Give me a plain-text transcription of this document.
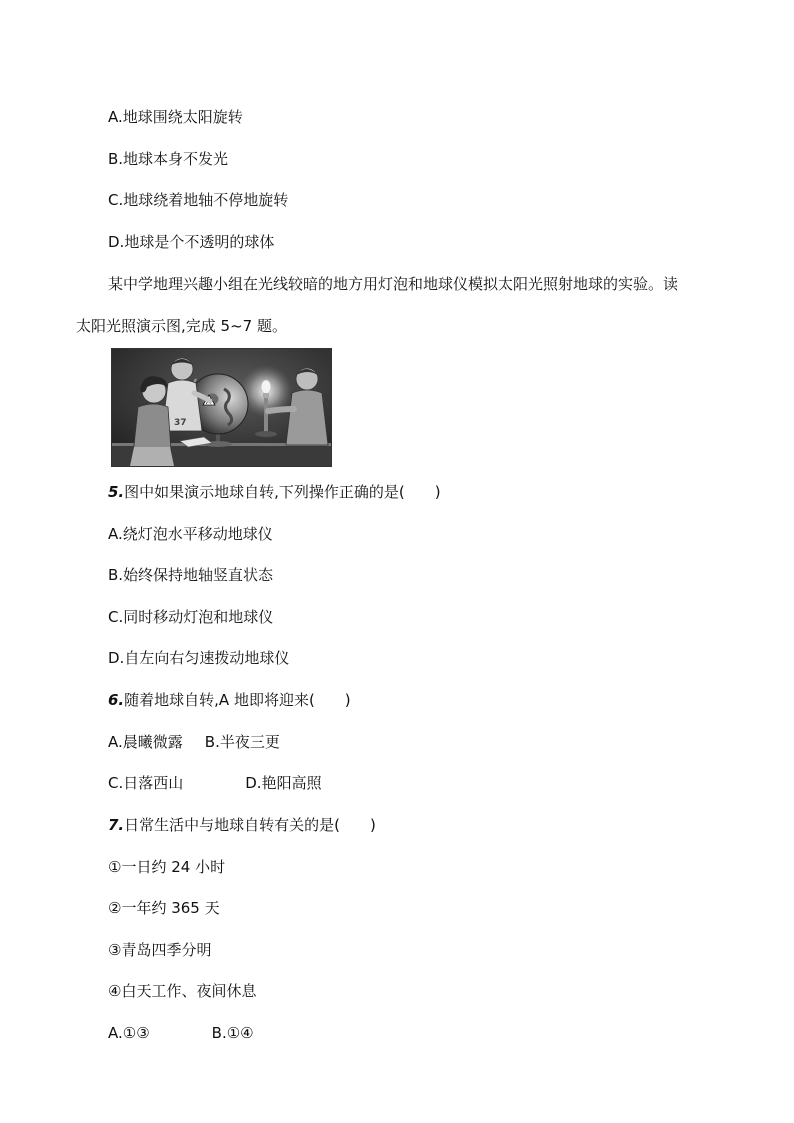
A.地球围绕太阳旋转

B.地球本身不发光

C.地球绕着地轴不停地旋转

D.地球是个不透明的球体

某中学地理兴趣小组在光线较暗的地方用灯泡和地球仪模拟太阳光照射地球的实验。读

太阳光照演示图,完成 5~7 题。

A
37

5.图中如果演示地球自转,下列操作正确的是( )

A.绕灯泡水平移动地球仪

B.始终保持地轴竖直状态

C.同时移动灯泡和地球仪

D.自左向右匀速拨动地球仪

6.随着地球自转,A 地即将迎来( )

A.晨曦微露 B.半夜三更

C.日落西山	D.艳阳高照

7.日常生活中与地球自转有关的是( )

①一日约 24 小时

②一年约 365 天

③青岛四季分明

④白天工作、夜间休息

A.①③	B.①④
